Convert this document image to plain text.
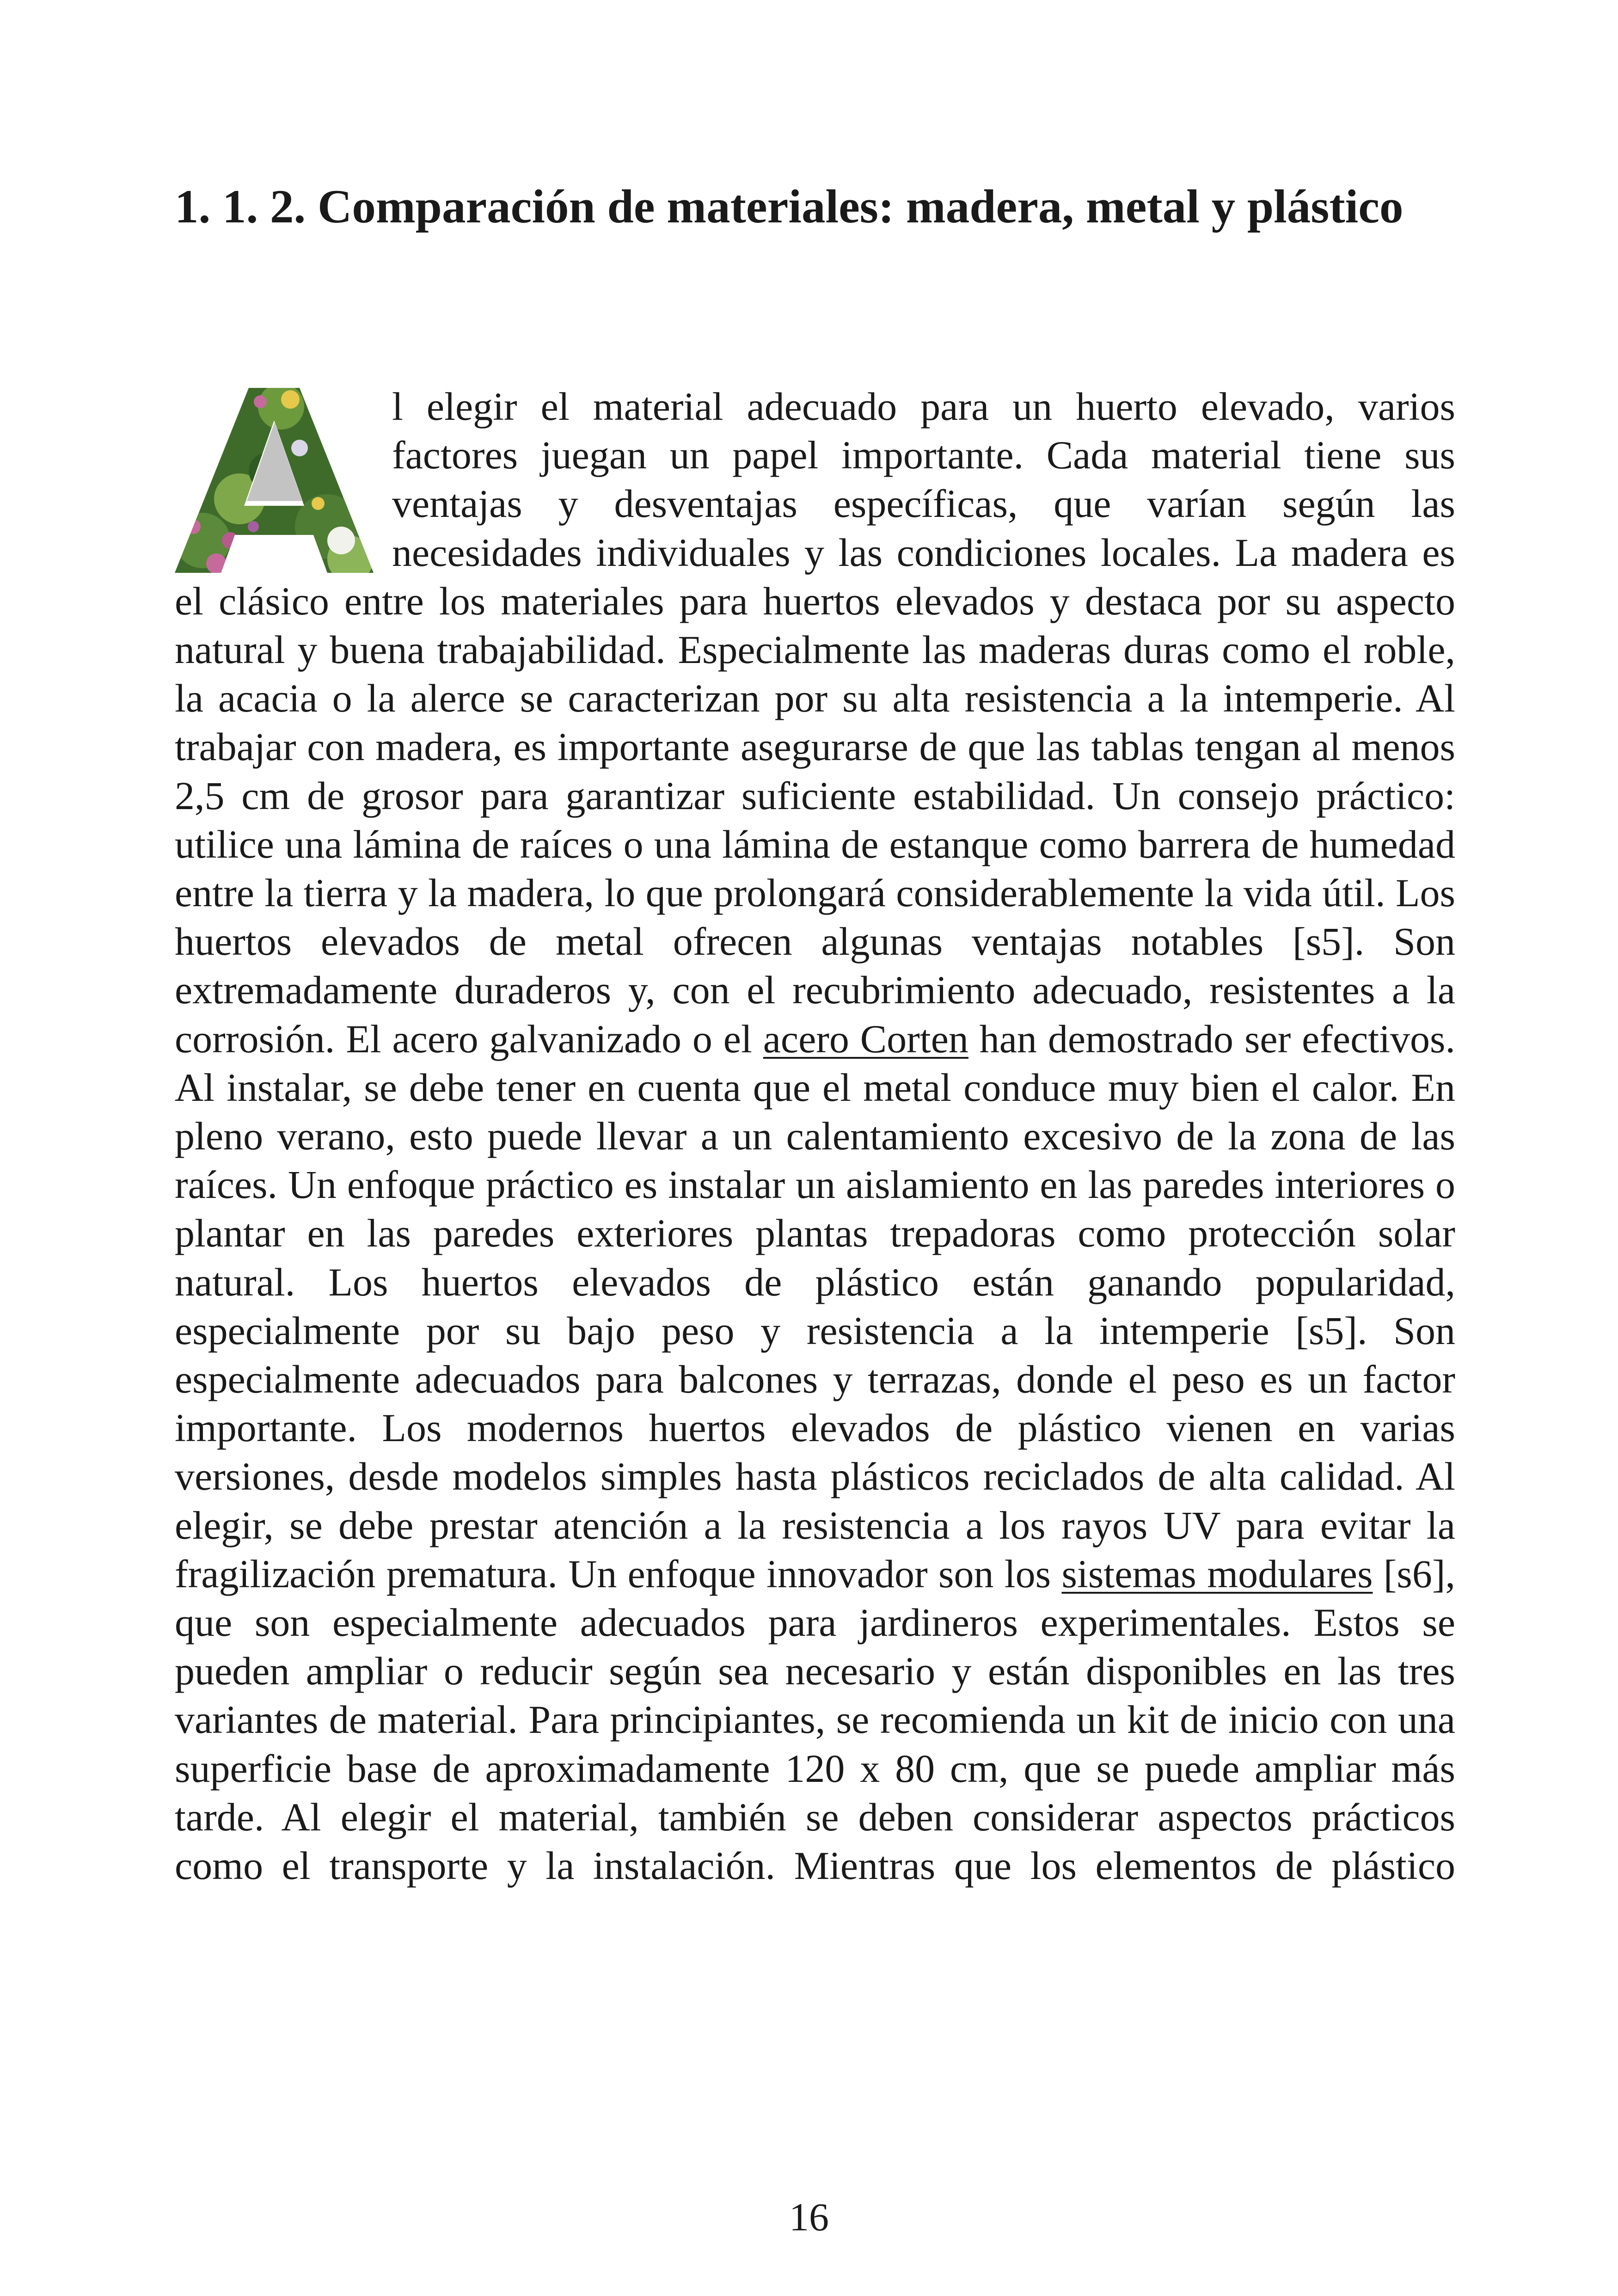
1. 1. 2. Comparación de materiales: madera, metal y plástico

l elegir el material adecuado para un huerto elevado, varios factores juegan un papel importante. Cada material tiene sus ventajas y desventajas específicas, que varían según las necesidades individuales y las condiciones locales. La madera es el clásico entre los materiales para huertos elevados y destaca por su aspecto natural y buena trabajabilidad. Especialmente las maderas duras como el roble, la acacia o la alerce se caracterizan por su alta resistencia a la intemperie. Al trabajar con madera, es importante asegurarse de que las tablas tengan al menos 2,5 cm de grosor para garantizar suficiente estabilidad. Un consejo práctico: utilice una lámina de raíces o una lámina de estanque como barrera de humedad entre la tierra y la madera, lo que prolongará considerablemente la vida útil. Los huertos elevados de metal ofrecen algunas ventajas notables [s5]. Son extremadamente duraderos y, con el recubrimiento adecuado, resistentes a la corrosión. El acero galvanizado o el acero Corten han demostrado ser efectivos. Al instalar, se debe tener en cuenta que el metal conduce muy bien el calor. En pleno verano, esto puede llevar a un calentamiento excesivo de la zona de las raíces. Un enfoque práctico es instalar un aislamiento en las paredes interiores o plantar en las paredes exteriores plantas trepadoras como protección solar natural. Los huertos elevados de plástico están ganando popularidad, especialmente por su bajo peso y resistencia a la intemperie [s5]. Son especialmente adecuados para balcones y terrazas, donde el peso es un factor importante. Los modernos huertos elevados de plástico vienen en varias versiones, desde modelos simples hasta plásticos reciclados de alta calidad. Al elegir, se debe prestar atención a la resistencia a los rayos UV para evitar la fragilización prematura. Un enfoque innovador son los sistemas modulares [s6], que son especialmente adecuados para jardineros experimentales. Estos se pueden ampliar o reducir según sea necesario y están disponibles en las tres variantes de material. Para principiantes, se recomienda un kit de inicio con una superficie base de aproximadamente 120 x 80 cm, que se puede ampliar más tarde. Al elegir el material, también se deben considerar aspectos prácticos como el transporte y la instalación. Mientras que los elementos de plástico

16
